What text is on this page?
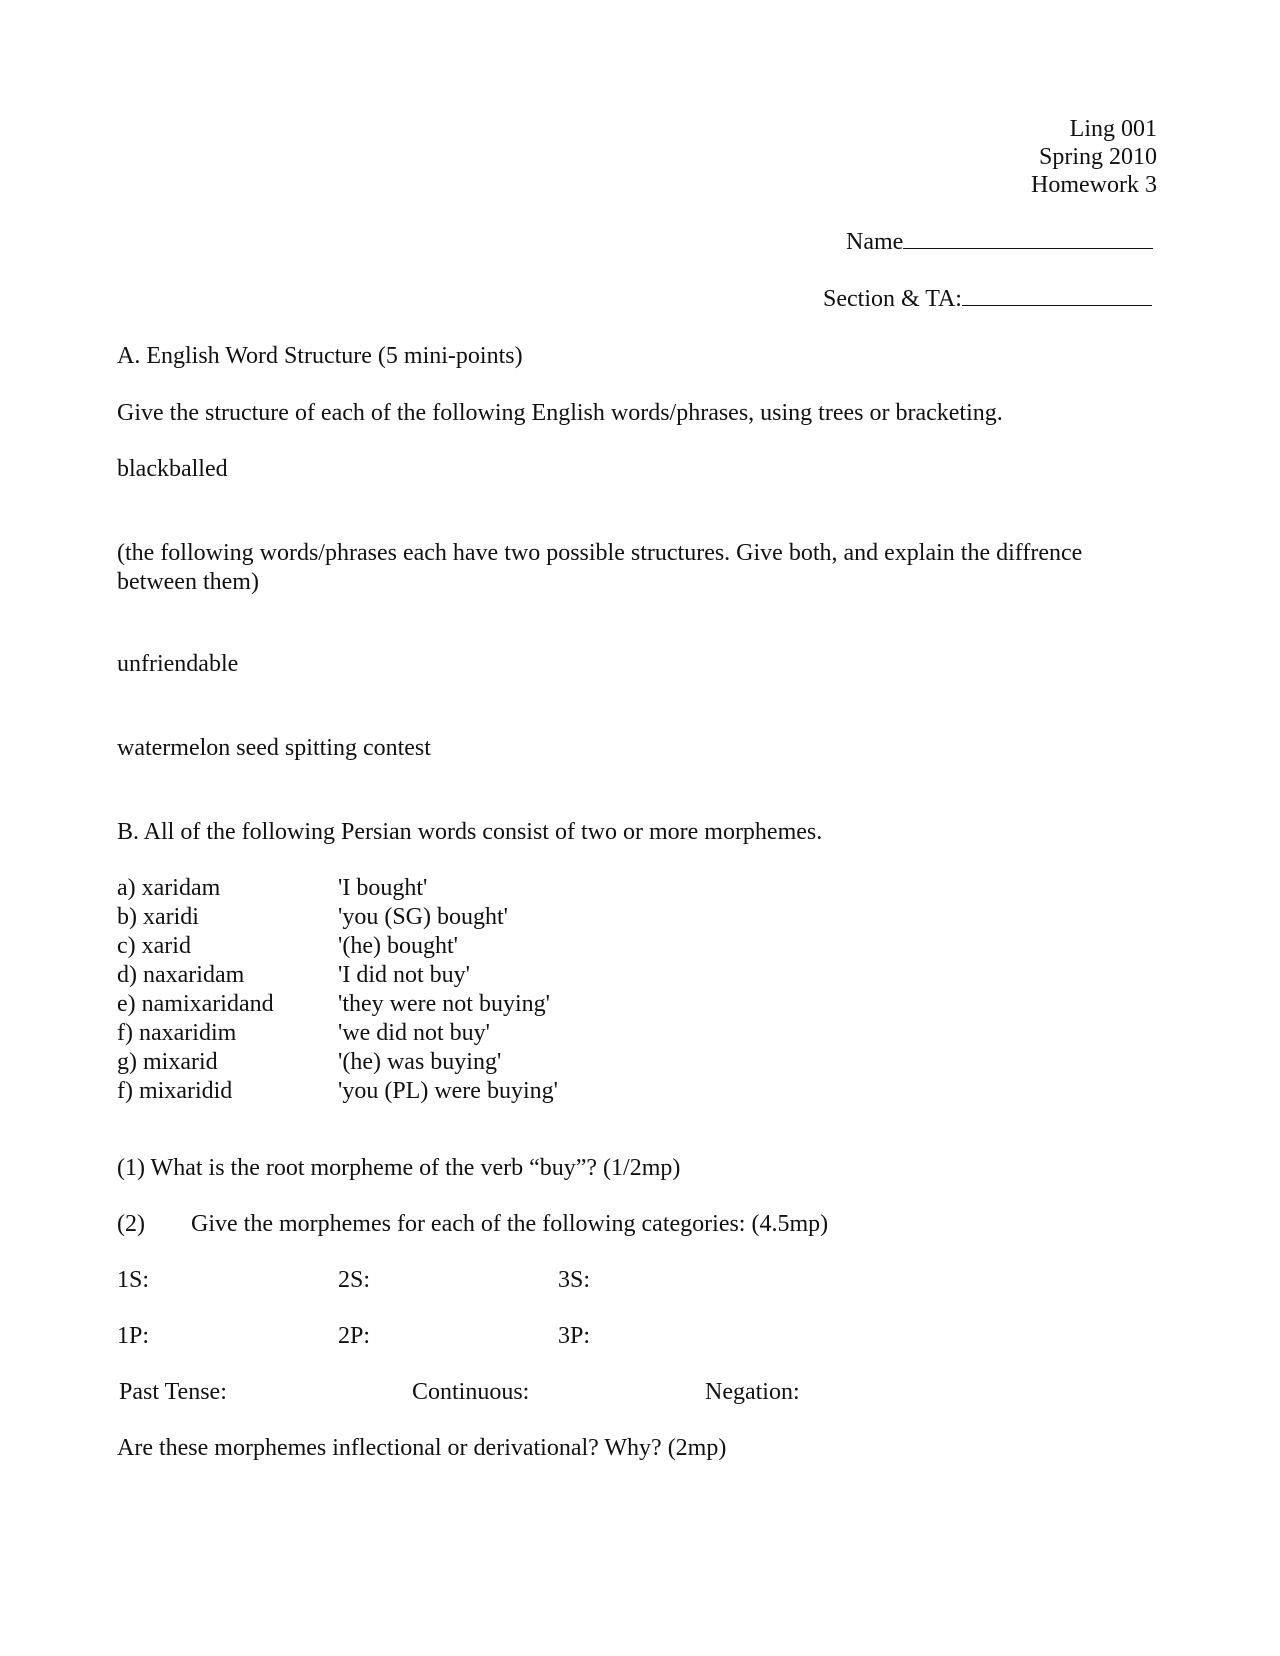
Ling 001
Spring 2010
Homework 3
Name
Section & TA:
A. English Word Structure (5 mini-points)
Give the structure of each of the following English words/phrases, using trees or bracketing.
blackballed
(the following words/phrases each have two possible structures. Give both, and explain the diffrence between them)
unfriendable
watermelon seed spitting contest
B. All of the following Persian words consist of two or more morphemes.
a) xaridam	'I bought'
b) xaridi	'you (SG) bought'
c) xarid	'(he) bought'
d) naxaridam	'I did not buy'
e) namixaridand	'they were not buying'
f) naxaridim	'we did not buy'
g) mixarid	'(he) was buying'
f) mixaridid	'you (PL) were buying'
(1) What is the root morpheme of the verb “buy”? (1/2mp)
(2) Give the morphemes for each of the following categories: (4.5mp)
1S:	2S:	3S:
1P:	2P:	3P:
Past Tense:	Continuous:	Negation:
Are these morphemes inflectional or derivational? Why? (2mp)
